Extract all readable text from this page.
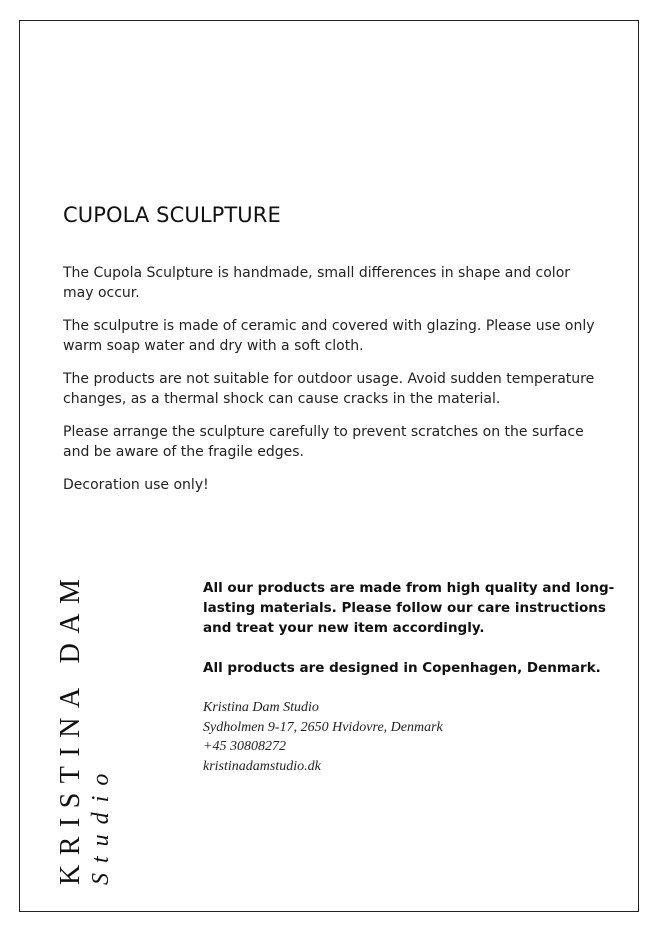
CUPOLA SCULPTURE

The Cupola Sculpture is handmade, small differences in shape and color may occur.

The sculputre is made of ceramic and covered with glazing. Please use only warm soap water and dry with a soft cloth.

The products are not suitable for outdoor usage. Avoid sudden temperature changes, as a thermal shock can cause cracks in the material.

Please arrange the sculpture carefully to prevent scratches on the surface and be aware of the fragile edges.

Decoration use only!

KRISTINA DAM Studio

All our products are made from high quality and long-lasting materials. Please follow our care instructions and treat your new item accordingly.

All products are designed in Copenhagen, Denmark.

Kristina Dam Studio
Sydholmen 9-17, 2650 Hvidovre, Denmark
+45 30808272
kristinadamstudio.dk
